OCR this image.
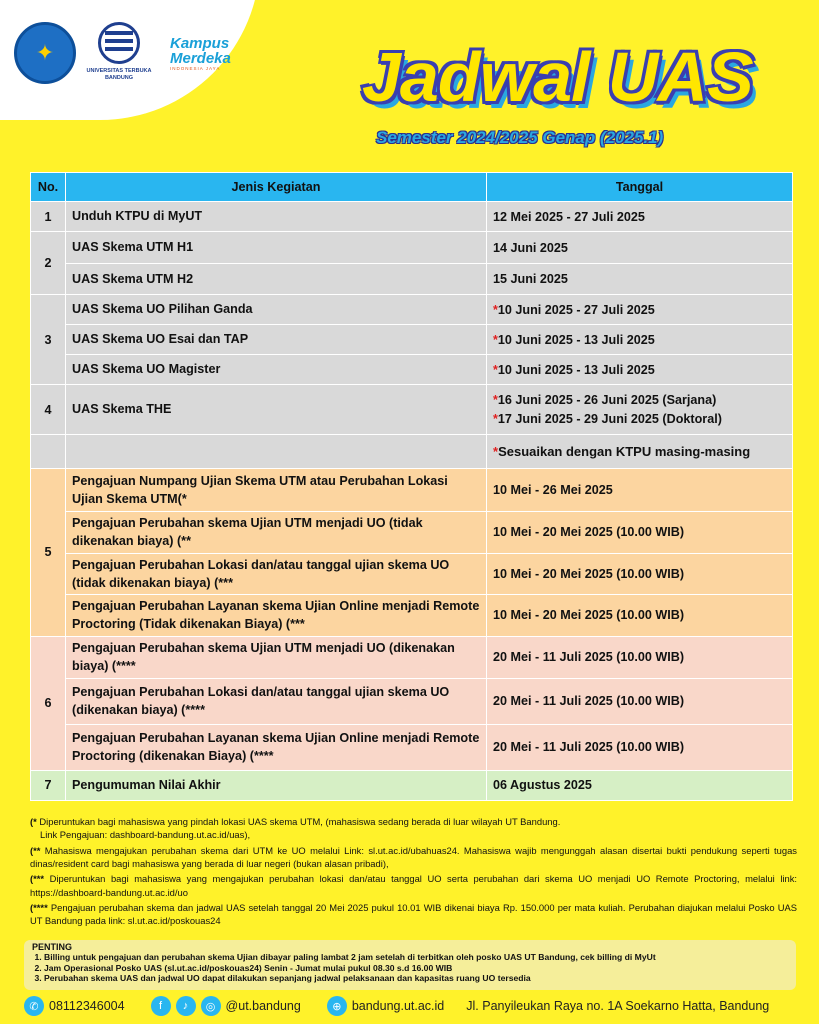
✦
UNIVERSITAS TERBUKA BANDUNG
Kampus
Merdeka
INDONESIA JAYA Jadwal UAS
Semester 2024/2025 Genap (2025.1)
No.	Jenis Kegiatan	Tanggal
1	Unduh KTPU di MyUT	12 Mei 2025 - 27 Juli 2025
2	UAS Skema UTM H1	14 Juni 2025
	UAS Skema UTM H2	15 Juni 2025
3	UAS Skema UO Pilihan Ganda	*10 Juni 2025 - 27 Juli 2025
	UAS Skema UO Esai dan TAP	*10 Juni 2025 - 13 Juli 2025
	UAS Skema UO Magister	*10 Juni 2025 - 13 Juli 2025
4	UAS Skema THE	*16 Juni 2025 - 26 Juni 2025 (Sarjana)
*17 Juni 2025 - 29 Juni 2025 (Doktoral)

		*Sesuaikan dengan KTPU masing-masing
5	Pengajuan Numpang Ujian Skema UTM atau Perubahan Lokasi Ujian Skema UTM(*	10 Mei - 26 Mei 2025
	Pengajuan Perubahan skema Ujian UTM menjadi UO (tidak dikenakan biaya) (**	10 Mei - 20 Mei 2025 (10.00 WIB)
	Pengajuan Perubahan Lokasi dan/atau tanggal ujian skema UO (tidak dikenakan biaya) (***	10 Mei - 20 Mei 2025 (10.00 WIB)
	Pengajuan Perubahan Layanan skema Ujian Online menjadi Remote Proctoring (Tidak dikenakan Biaya) (***	10 Mei - 20 Mei 2025 (10.00 WIB)
6	Pengajuan Perubahan skema Ujian UTM menjadi UO (dikenakan biaya) (****	20 Mei - 11 Juli 2025 (10.00 WIB)
	Pengajuan Perubahan Lokasi dan/atau tanggal ujian skema UO (dikenakan biaya) (****	20 Mei - 11 Juli 2025 (10.00 WIB)
	Pengajuan Perubahan Layanan skema Ujian Online menjadi Remote Proctoring (dikenakan Biaya) (****	20 Mei - 11 Juli 2025 (10.00 WIB)
7	Pengumuman Nilai Akhir	06 Agustus 2025

(* Diperuntukan bagi mahasiswa yang pindah lokasi UAS skema UTM, (mahasiswa sedang berada di luar wilayah UT Bandung.
Link Pengajuan: dashboard-bandung.ut.ac.id/uas),

(** Mahasiswa mengajukan perubahan skema dari UTM ke UO melalui Link: sl.ut.ac.id/ubahuas24. Mahasiswa wajib mengunggah alasan disertai bukti pendukung seperti tugas dinas/resident card bagi mahasiswa yang berada di luar negeri (bukan alasan pribadi),

(*** Diperuntukan bagi mahasiswa yang mengajukan perubahan lokasi dan/atau tanggal UO serta perubahan dari skema UO menjadi UO Remote Proctoring, melalui link: https://dashboard-bandung.ut.ac.id/uo

(**** Pengajuan perubahan skema dan jadwal UAS setelah tanggal 20 Mei 2025 pukul 10.01 WIB dikenai biaya Rp. 150.000 per mata kuliah. Perubahan diajukan melalui Posko UAS UT Bandung pada link: sl.ut.ac.id/poskouas24

PENTING
1. Billing untuk pengajuan dan perubahan skema Ujian dibayar paling lambat 2 jam setelah di terbitkan oleh posko UAS UT Bandung, cek billing di MyUt
2. Jam Operasional Posko UAS (sl.ut.ac.id/poskouas24) Senin - Jumat mulai pukul 08.30 s.d 16.00 WIB
3. Perubahan skema UAS dan jadwal UO dapat dilakukan sepanjang jadwal pelaksanaan dan kapasitas ruang UO tersedia
✆ 08112346004	f	♪	◎ @ut.bandung	⊕ bandung.ut.ac.id Jl. Panyileukan Raya no. 1A Soekarno Hatta, Bandung
